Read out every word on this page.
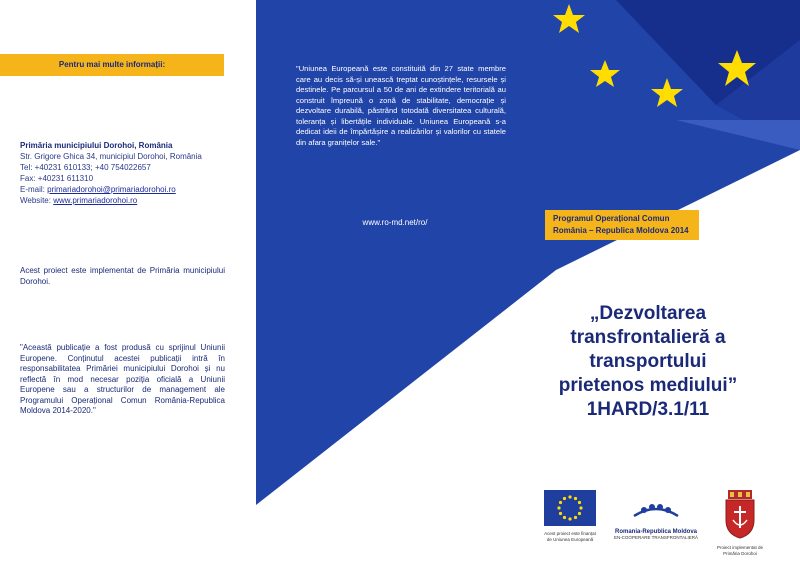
Pentru mai multe informații:
Primăria municipiului Dorohoi, România
Str. Grigore Ghica 34, municipiul Dorohoi, România
Tel: +40231 610133; +40 754022657
Fax: +40231 611310
E-mail: primariadorohoi@primariadorohoi.ro
Website: www.primariadorohoi.ro
Acest proiect este implementat de Primăria municipiului Dorohoi.
"Această publicație a fost produsă cu sprijinul Uniunii Europene. Conținutul acestei publicații intră în responsabilitatea Primăriei municipiului Dorohoi și nu reflectă în mod necesar poziția oficială a Uniunii Europene sau a structurilor de management ale Programului Operațional Comun România-Republica Moldova 2014-2020."
"Uniunea Europeană este constituită din 27 state membre care au decis să-și unească treptat cunoștințele, resursele și destinele. Pe parcursul a 50 de ani de extindere teritorială au construit împreună o zonă de stabilitate, democrație și dezvoltare durabilă, păstrând totodată diversitatea culturală, toleranța și libertățile individuale. Uniunea Europeană s-a dedicat ideii de împărtășire a realizărilor și valorilor cu statele din afara granițelor sale."
www.ro-md.net/ro/	Programul Operațional Comun
România – Republica Moldova 2014
„Dezvoltarea
transfrontalieră a
transportului
prietenos mediului”
1HARD/3.1/11
Acest proiect este finanțat de Uniunea Europeană
Romania-Republica Moldova
EN-COOPERARE TRANSFRONTALIERĂ
Proiect implementat de Primăria Dorohoi
